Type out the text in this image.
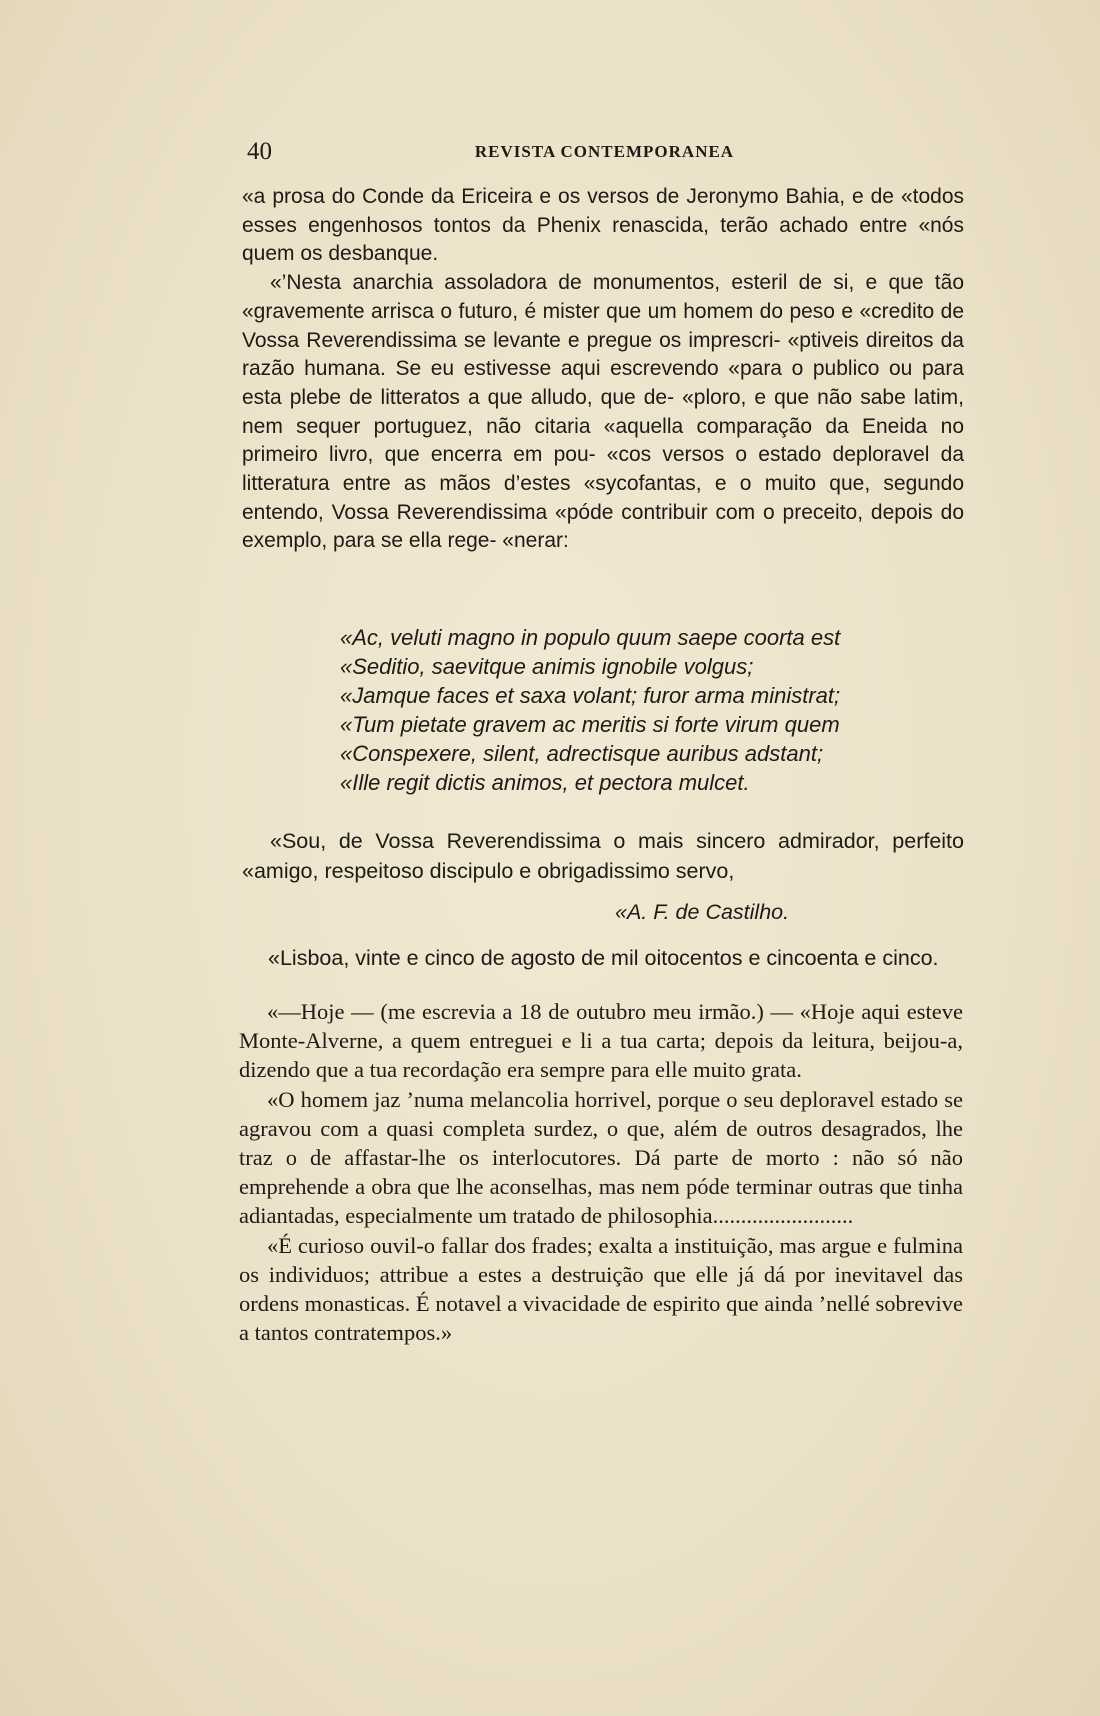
40	REVISTA CONTEMPORANEA

«a prosa do Conde da Ericeira e os versos de Jeronymo Bahia, e de «todos esses engenhosos tontos da Phenix renascida, terão achado entre «nós quem os desbanque.

«’Nesta anarchia assoladora de monumentos, esteril de si, e que tão «gravemente arrisca o futuro, é mister que um homem do peso e «credito de Vossa Reverendissima se levante e pregue os imprescri- «ptiveis direitos da razão humana. Se eu estivesse aqui escrevendo «para o publico ou para esta plebe de litteratos a que alludo, que de- «ploro, e que não sabe latim, nem sequer portuguez, não citaria «aquella comparação da Eneida no primeiro livro, que encerra em pou- «cos versos o estado deploravel da litteratura entre as mãos d’estes «sycofantas, e o muito que, segundo entendo, Vossa Reverendissima «póde contribuir com o preceito, depois do exemplo, para se ella rege- «nerar:

«Ac, veluti magno in populo quum saepe coorta est

«Seditio, saevitque animis ignobile volgus;

«Jamque faces et saxa volant; furor arma ministrat;

«Tum pietate gravem ac meritis si forte virum quem

«Conspexere, silent, adrectisque auribus adstant;

«Ille regit dictis animos, et pectora mulcet.

«Sou, de Vossa Reverendissima o mais sincero admirador, perfeito «amigo, respeitoso discipulo e obrigadissimo servo,

«A. F. de Castilho.
«Lisboa, vinte e cinco de agosto de mil oitocentos e cincoenta e cinco.

«—Hoje — (me escrevia a 18 de outubro meu irmão.) — «Hoje aqui esteve Monte-Alverne, a quem entreguei e li a tua carta; depois da leitura, beijou-a, dizendo que a tua recordação era sempre para elle muito grata.

«O homem jaz ’numa melancolia horrivel, porque o seu deploravel estado se agravou com a quasi completa surdez, o que, além de outros desagrados, lhe traz o de affastar-lhe os interlocutores. Dá parte de morto : não só não emprehende a obra que lhe aconselhas, mas nem póde terminar outras que tinha adiantadas, especialmente um tratado de philosophia.........................

«É curioso ouvil-o fallar dos frades; exalta a instituição, mas argue e fulmina os individuos; attribue a estes a destruição que elle já dá por inevitavel das ordens monasticas. É notavel a vivacidade de espirito que ainda ’nellé sobrevive a tantos contratempos.»
